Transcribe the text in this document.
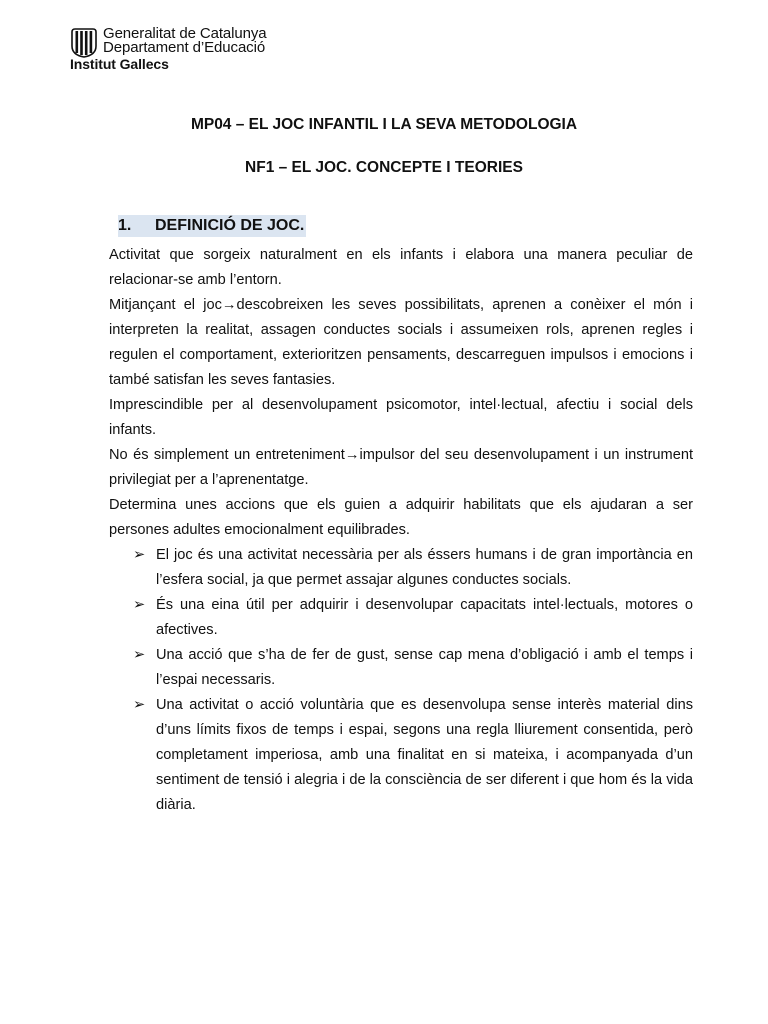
Generalitat de Catalunya
Departament d’Educació
Institut Gallecs
MP04 – EL JOC INFANTIL I LA SEVA METODOLOGIA
NF1 – EL JOC. CONCEPTE I TEORIES
1.	DEFINICIÓ DE JOC.

Activitat que sorgeix naturalment en els infants i elabora una manera peculiar de relacionar-se amb l’entorn.

Mitjançant el joc→descobreixen les seves possibilitats, aprenen a conèixer el món i interpreten la realitat, assagen conductes socials i assumeixen rols, aprenen regles i regulen el comportament, exterioritzen pensaments, descarreguen impulsos i emocions i també satisfan les seves fantasies.

Imprescindible per al desenvolupament psicomotor, intel·lectual, afectiu i social dels infants.

No és simplement un entreteniment→impulsor del seu desenvolupament i un instrument privilegiat per a l’aprenentatge.

Determina unes accions que els guien a adquirir habilitats que els ajudaran a ser persones adultes emocionalment equilibrades.

➢ El joc és una activitat necessària per als éssers humans i de gran importància en l’esfera social, ja que permet assajar algunes conductes socials.
➢ És una eina útil per adquirir i desenvolupar capacitats intel·lectuals, motores o afectives.
➢ Una acció que s’ha de fer de gust, sense cap mena d’obligació i amb el temps i l’espai necessaris.
➢ Una activitat o acció voluntària que es desenvolupa sense interès material dins d’uns límits fixos de temps i espai, segons una regla lliurement consentida, però completament imperiosa, amb una finalitat en si mateixa, i acompanyada d’un sentiment de tensió i alegria i de la consciència de ser diferent i que hom és la vida diària.
